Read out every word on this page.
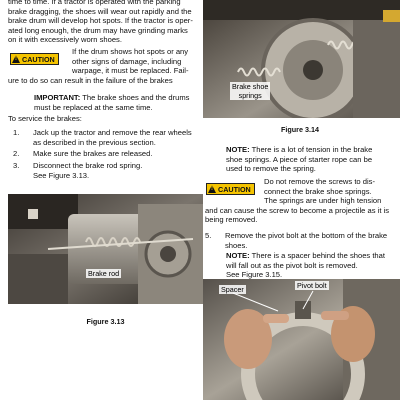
time to time. If a tractor is operated with the parking
brake dragging, the shoes will wear out rapidly and the
brake drum will develop hot spots. If the tractor is oper-
ated long enough, the drum may have grinding marks
on it with excessively worn shoes.

! CAUTION

If the drum shows hot spots or any
other signs of damage, including
warpage, it must be replaced. Fail-

ure to do so can result in the failure of the brakes

IMPORTANT: The brake shoes and the drums
must be replaced at the same time.

To service the brakes:

1. Jack up the tractor and remove the rear wheels
as described in the previous section.
2. Make sure the brakes are released.
3. Disconnect the brake rod spring.
See Figure 3.13.
Brake rod
Figure 3.13
Brake shoe
springs
Figure 3.14

NOTE: There is a lot of tension in the brake
shoe springs. A piece of starter rope can be
used to remove the spring.

! CAUTION

Do not remove the screws to dis-
connect the brake shoe springs.
The springs are under high tension

and can cause the screw to become a projectile as it is
being removed.

5. Remove the pivot bolt at the bottom of the brake
shoes.

NOTE: There is a spacer behind the shoes that
will fall out as the pivot bolt is removed.
See Figure 3.15.

Spacer	Pivot bolt
